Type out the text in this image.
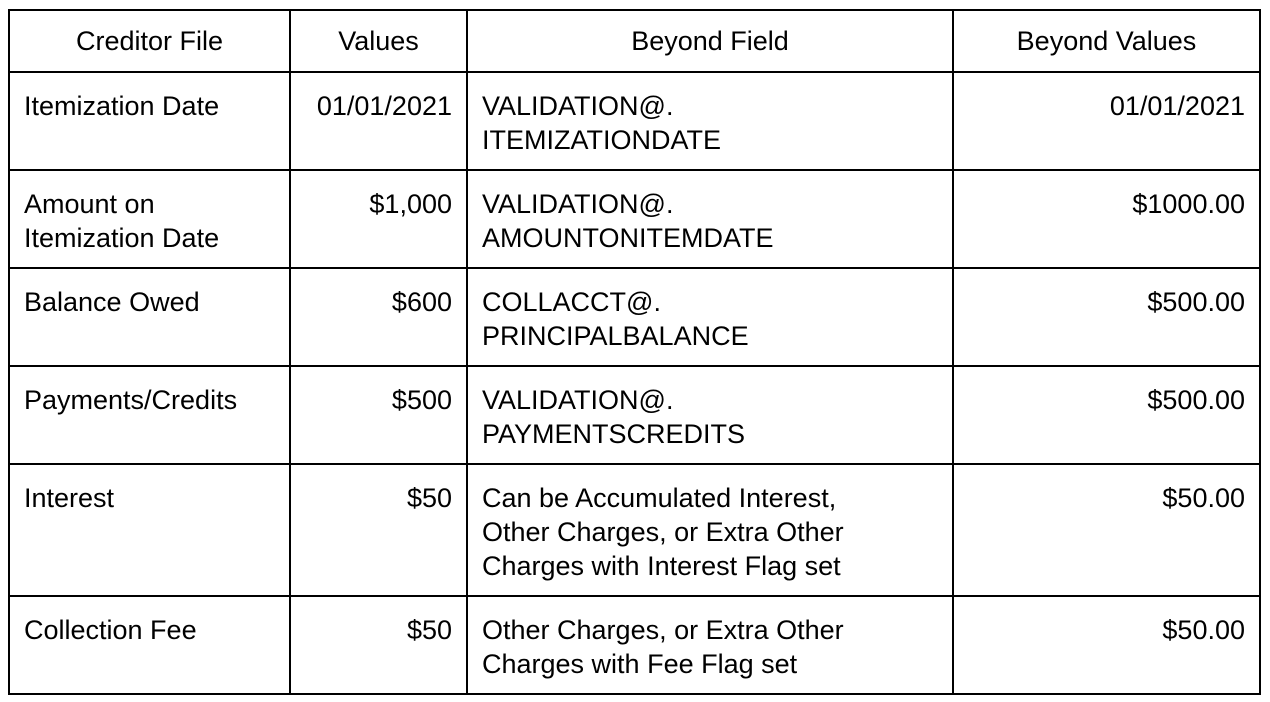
Creditor File	Values	Beyond Field	Beyond Values

Itemization Date	01/01/2021	VALIDATION@.
ITEMIZATIONDATE	01/01/2021

Amount on
Itemization Date	$1,000	VALIDATION@.
AMOUNTONITEMDATE	$1000.00

Balance Owed	$600	COLLACCT@.
PRINCIPALBALANCE	$500.00

Payments/Credits	$500	VALIDATION@.
PAYMENTSCREDITS	$500.00

Interest	$50	Can be Accumulated Interest,
Other Charges, or Extra Other
Charges with Interest Flag set	$50.00

Collection Fee	$50	Other Charges, or Extra Other
Charges with Fee Flag set	$50.00
